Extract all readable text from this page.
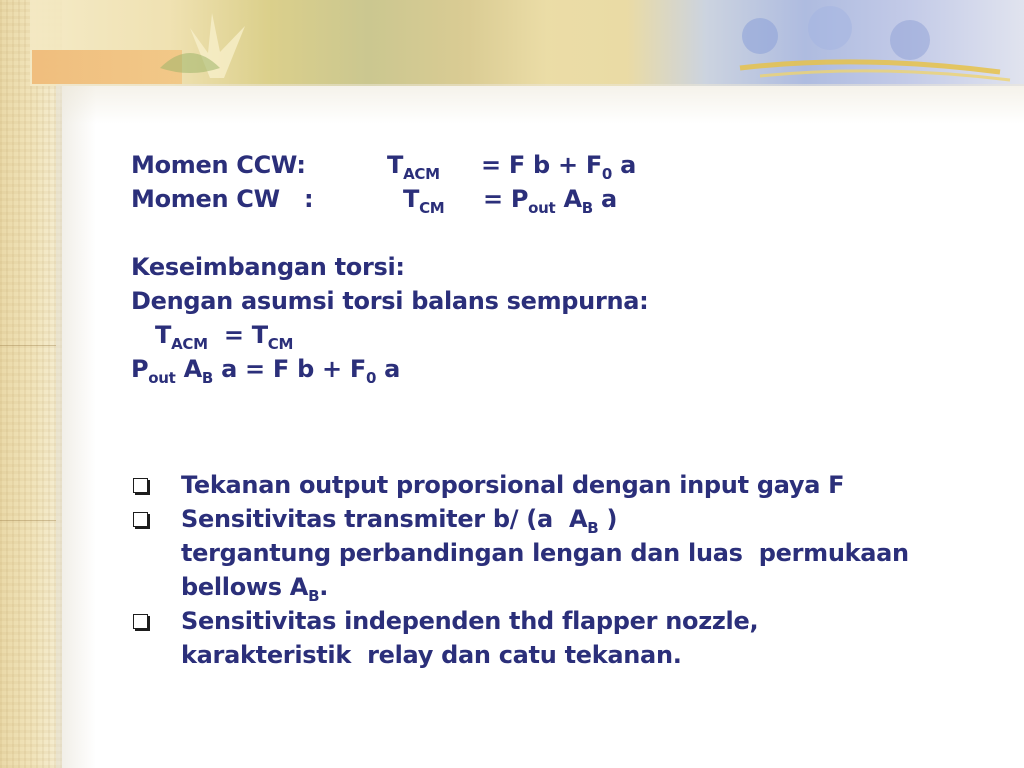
Momen CCW:	$T_{ACM} = F$ $b + F_0$ a
Momen CW   :	$T_{CM} = P_{out}$ $A_B$ a
Keseimbangan torsi:
Dengan asumsi torsi balans sempurna:
$T_{ACM} = T_{CM}$
$P_{out}$ $A_B$ a = F $b + F_0$ a
Tekanan output proporsional dengan input gaya F
Sensitivitas transmiter b/ (a  $A_B$ )
tergantung perbandingan lengan dan luas  permukaan
bellows $A_B$.
Sensitivitas independen thd flapper nozzle,
karakteristik  relay dan catu tekanan.
